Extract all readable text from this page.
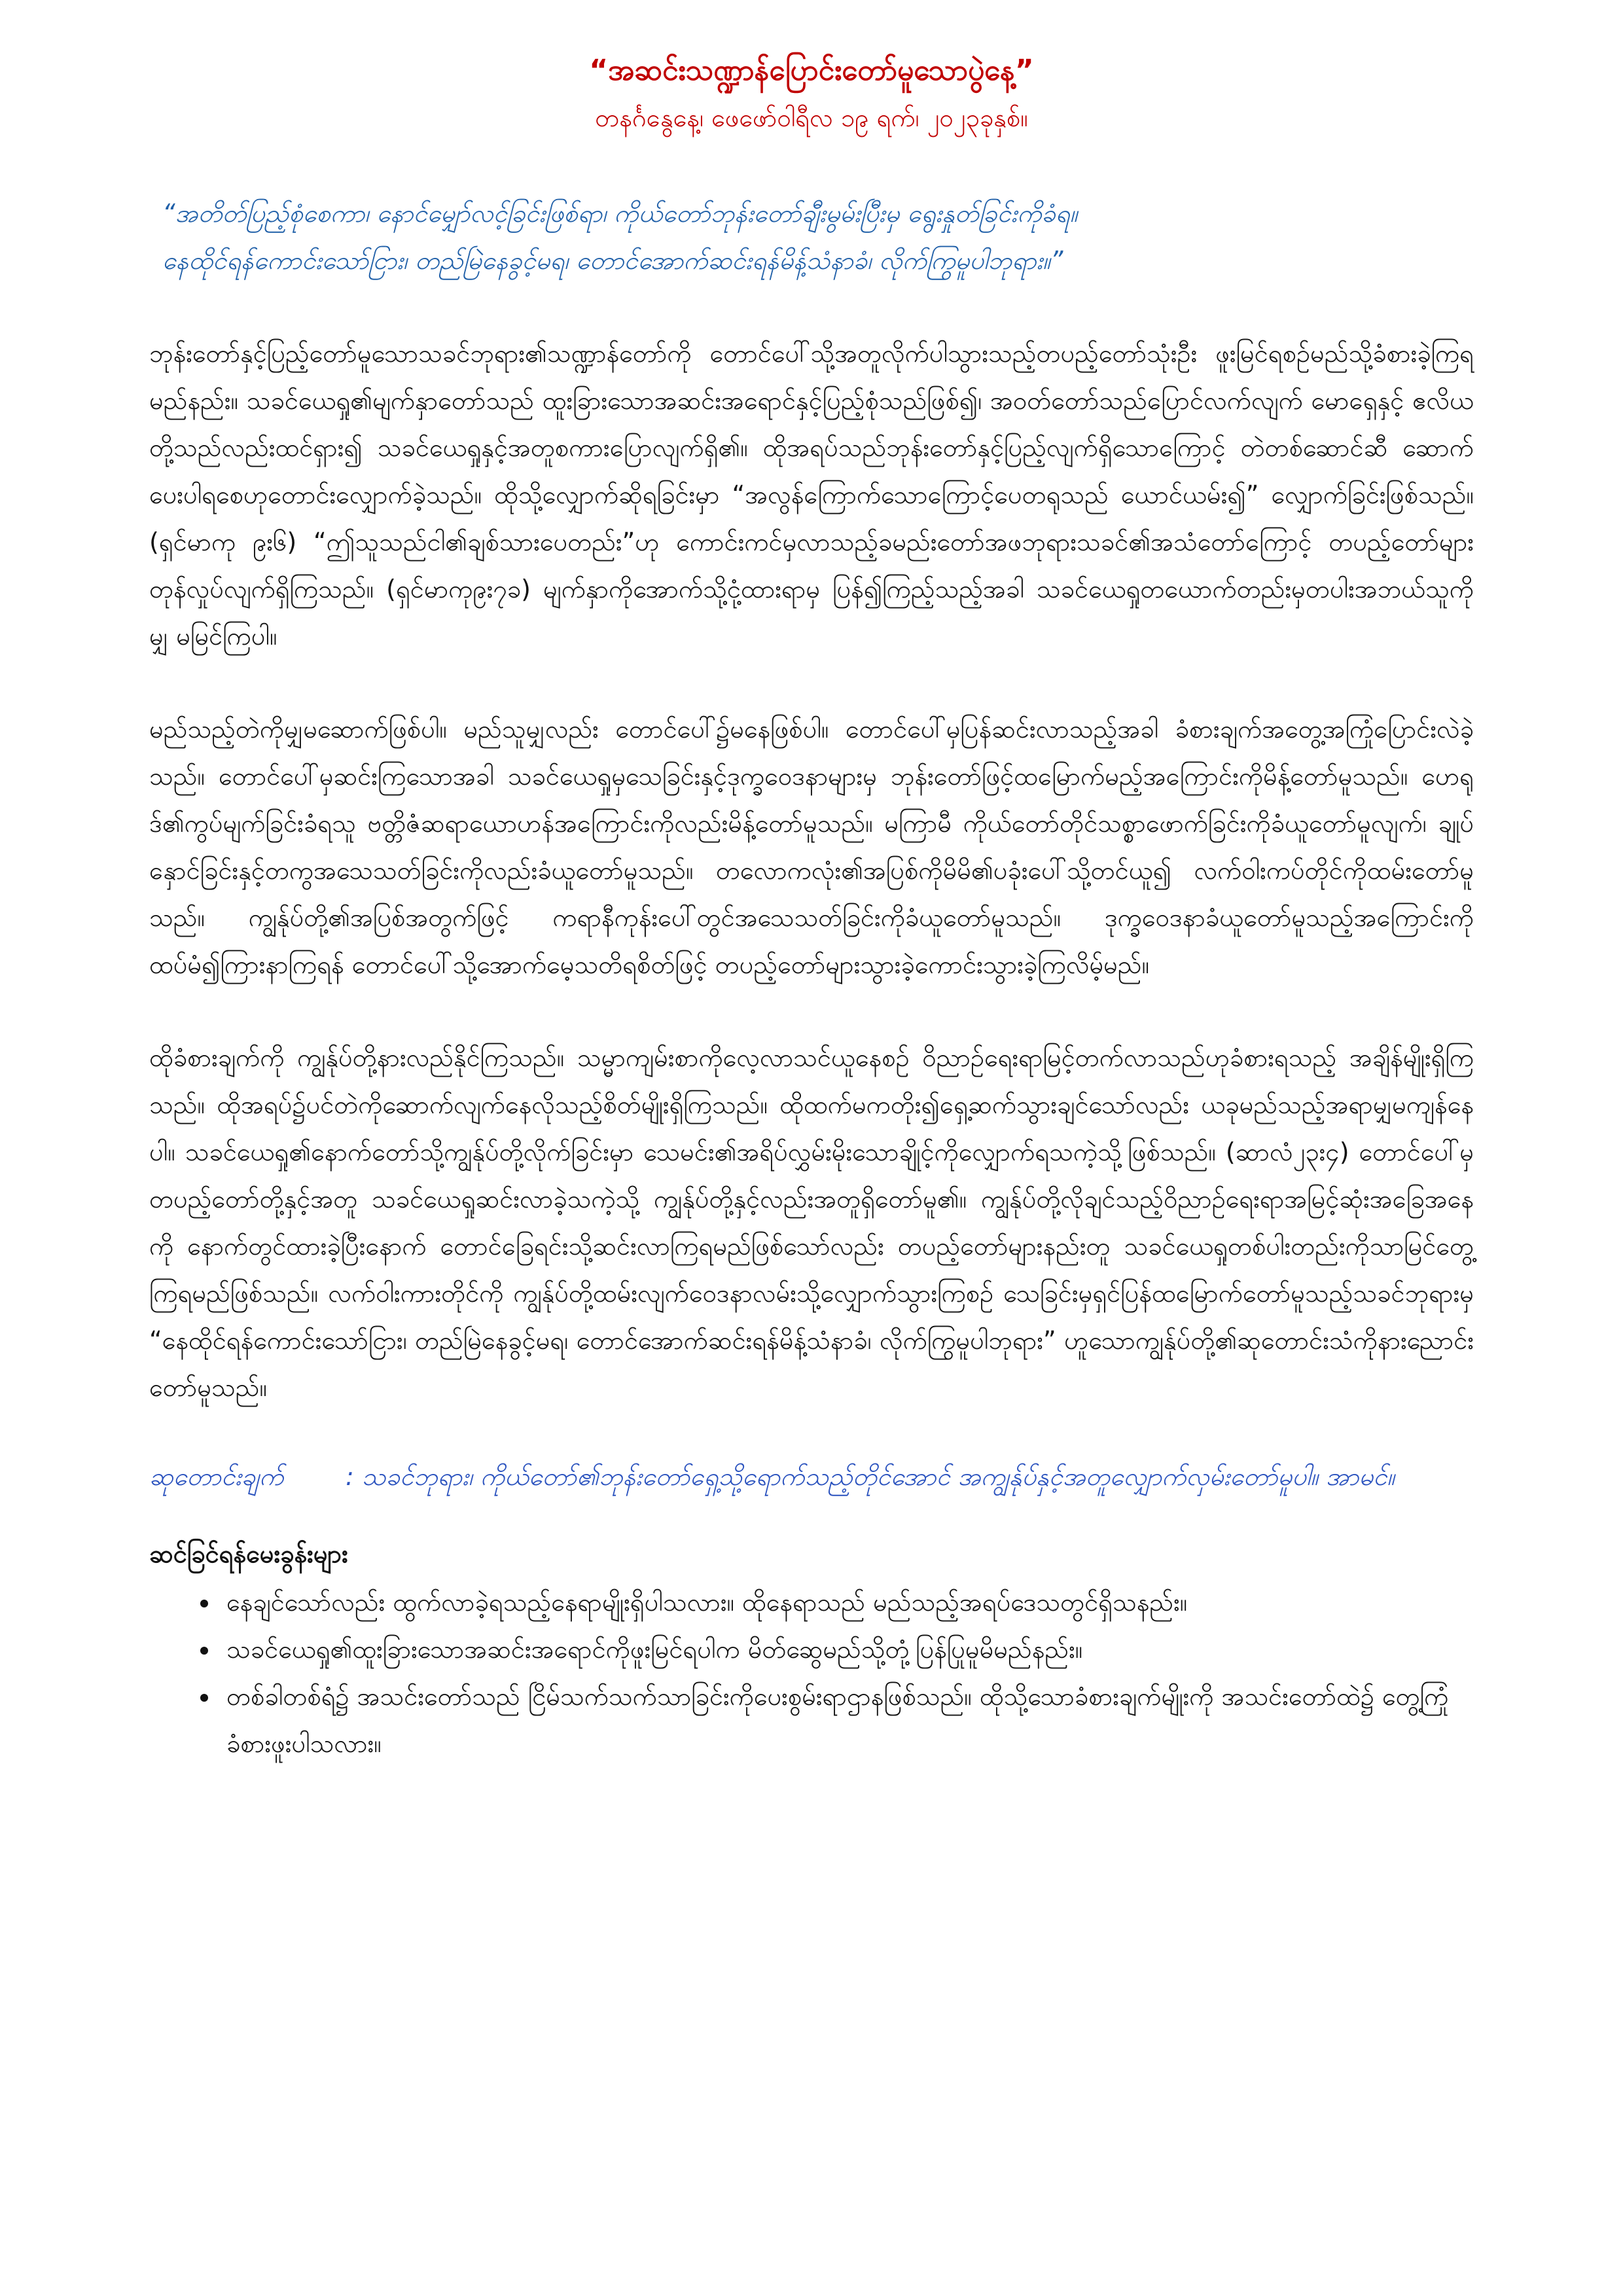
“အဆင်းသဏ္ဍာန်ပြောင်းတော်မူသောပွဲနေ့”

တနင်္ဂနွေနေ့၊ ဖေဖော်ဝါရီလ ၁၉ ရက်၊ ၂၀၂၃ခုနှစ်။

“အတိတ်ပြည့်စုံစေကာ၊ နောင်မျှော်လင့်ခြင်းဖြစ်ရာ၊ ကိုယ်တော်ဘုန်းတော်ချီးမွမ်းပြီးမှ ရွေးနှုတ်ခြင်းကိုခံရ။

နေထိုင်ရန်ကောင်းသော်ငြား၊ တည်မြဲနေခွင့်မရ၊ တောင်အောက်ဆင်းရန်မိန့်သံနာခံ၊ လိုက်ကြွမူပါဘုရား။”

ဘုန်းတော်နှင့်ပြည့်တော်မူသောသခင်ဘုရား၏သဏ္ဍာန်တော်ကို တောင်ပေါ်သို့အတူလိုက်ပါသွားသည့်တပည့်တော်သုံးဦး ဖူးမြင်ရစဉ်မည်သို့ခံစားခဲ့ကြရမည်နည်း။ သခင်ယေရှု၏မျက်နှာတော်သည် ထူးခြားသောအဆင်းအရောင်နှင့်ပြည့်စုံသည်ဖြစ်၍၊ အဝတ်တော်သည်ပြောင်လက်လျက် မောရှေနှင့် ဧလိယတို့သည်လည်းထင်ရှား၍ သခင်ယေရှုနှင့်အတူစကားပြောလျက်ရှိ၏။ ထိုအရပ်သည်ဘုန်းတော်နှင့်ပြည့်လျက်ရှိသောကြောင့် တဲတစ်ဆောင်ဆီ ဆောက်ပေးပါရစေဟုတောင်းလျှောက်ခဲ့သည်။ ထိုသို့လျှောက်ဆိုရခြင်းမှာ “အလွန်ကြောက်သောကြောင့်ပေတရုသည် ယောင်ယမ်း၍” လျှောက်ခြင်းဖြစ်သည်။ (ရှင်မာကု ၉း၆) “ဤသူသည်ငါ၏ချစ်သားပေတည်း”ဟု ကောင်းကင်မှလာသည့်ခမည်းတော်အဖဘုရားသခင်၏အသံတော်ကြောင့် တပည့်တော်များတုန်လှုပ်လျက်ရှိကြသည်။ (ရှင်မာကု၉း၇ခ) မျက်နှာကိုအောက်သို့ငုံ့ထားရာမှ ပြန်၍ကြည့်သည့်အခါ သခင်ယေရှုတယောက်တည်းမှတပါးအဘယ်သူကိုမျှ မမြင်ကြပါ။

မည်သည့်တဲကိုမျှမဆောက်ဖြစ်ပါ။ မည်သူမျှလည်း တောင်ပေါ်၌မနေဖြစ်ပါ။ တောင်ပေါ်မှပြန်ဆင်းလာသည့်အခါ ခံစားချက်အတွေ့အကြုံပြောင်းလဲခဲ့သည်။ တောင်ပေါ်မှဆင်းကြသောအခါ သခင်ယေရှုမှသေခြင်းနှင့်ဒုက္ခဝေဒနာများမှ ဘုန်းတော်ဖြင့်ထမြောက်မည့်အကြောင်းကိုမိန့်တော်မူသည်။ ဟေရုဒ်၏ကွပ်မျက်ခြင်းခံရသူ ဗတ္တိဇံဆရာယောဟန်အကြောင်းကိုလည်းမိန့်တော်မူသည်။ မကြာမီ ကိုယ်တော်တိုင်သစ္စာဖောက်ခြင်းကိုခံယူတော်မူလျက်၊ ချုပ်နှောင်ခြင်းနှင့်တကွအသေသတ်ခြင်းကိုလည်းခံယူတော်မူသည်။ တလောကလုံး၏အပြစ်ကိုမိမိ၏ပခုံးပေါ်သို့တင်ယူ၍ လက်ဝါးကပ်တိုင်ကိုထမ်းတော်မူသည်။ ကျွန်ုပ်တို့၏အပြစ်အတွက်ဖြင့် ကရာနီကုန်းပေါ်တွင်အသေသတ်ခြင်းကိုခံယူတော်မူသည်။ ဒုက္ခဝေဒနာခံယူတော်မူသည့်အကြောင်းကို ထပ်မံ၍ကြားနာကြရန် တောင်ပေါ်သို့အောက်မေ့သတိရစိတ်ဖြင့် တပည့်တော်များသွားခဲ့ကောင်းသွားခဲ့ကြလိမ့်မည်။

ထိုခံစားချက်ကို ကျွန်ုပ်တို့နားလည်နိုင်ကြသည်။ သမ္မာကျမ်းစာကိုလေ့လာသင်ယူနေစဉ် ဝိညာဉ်ရေးရာမြင့်တက်လာသည်ဟုခံစားရသည့် အချိန်မျိုးရှိကြသည်။ ထိုအရပ်၌ပင်တဲကိုဆောက်လျက်နေလိုသည့်စိတ်မျိုးရှိကြသည်။ ထိုထက်မကတိုး၍ရှေ့ဆက်သွားချင်သော်လည်း ယခုမည်သည့်အရာမျှမကျန်နေပါ။ သခင်ယေရှု၏နောက်တော်သို့ကျွန်ုပ်တို့လိုက်ခြင်းမှာ သေမင်း၏အရိပ်လွှမ်းမိုးသောချိုင့်ကိုလျှောက်ရသကဲ့သို့ဖြစ်သည်။ (ဆာလံ၂၃း၄) တောင်ပေါ်မှတပည့်တော်တို့နှင့်အတူ သခင်ယေရှုဆင်းလာခဲ့သကဲ့သို့ ကျွန်ုပ်တို့နှင့်လည်းအတူရှိတော်မူ၏။ ကျွန်ုပ်တို့လိုချင်သည့်ဝိညာဉ်ရေးရာအမြင့်ဆုံးအခြေအနေကို နောက်တွင်ထားခဲ့ပြီးနောက် တောင်ခြေရင်းသို့ဆင်းလာကြရမည်ဖြစ်သော်လည်း တပည့်တော်များနည်းတူ သခင်ယေရှုတစ်ပါးတည်းကိုသာမြင်တွေ့ကြရမည်ဖြစ်သည်။ လက်ဝါးကားတိုင်ကို ကျွန်ုပ်တို့ထမ်းလျက်ဝေဒနာလမ်းသို့လျှောက်သွားကြစဉ် သေခြင်းမှရှင်ပြန်ထမြောက်တော်မူသည့်သခင်ဘုရားမှ “နေထိုင်ရန်ကောင်းသော်ငြား၊ တည်မြဲနေခွင့်မရ၊ တောင်အောက်ဆင်းရန်မိန့်သံနာခံ၊ လိုက်ကြွမူပါဘုရား” ဟူသောကျွန်ုပ်တို့၏ဆုတောင်းသံကိုနားညောင်းတော်မူသည်။

ဆုတောင်းချက်	: သခင်ဘုရား၊ ကိုယ်တော်၏ဘုန်းတော်ရှေ့သို့ရောက်သည့်တိုင်အောင် အကျွန်ုပ်နှင့်အတူလျှောက်လှမ်းတော်မူပါ။ အာမင်။
ဆင်ခြင်ရန်မေးခွန်းများ
• နေချင်သော်လည်း ထွက်လာခဲ့ရသည့်နေရာမျိုးရှိပါသလား။ ထိုနေရာသည် မည်သည့်အရပ်ဒေသတွင်ရှိသနည်း။
• သခင်ယေရှု၏ထူးခြားသောအဆင်းအရောင်ကိုဖူးမြင်ရပါက မိတ်ဆွေမည်သို့တုံ့ပြန်ပြုမူမိမည်နည်း။
• တစ်ခါတစ်ရံ၌ အသင်းတော်သည် ငြိမ်သက်သက်သာခြင်းကိုပေးစွမ်းရာဌာနဖြစ်သည်။ ထိုသို့သောခံစားချက်မျိုးကို အသင်းတော်ထဲ၌ တွေ့ကြုံခံစားဖူးပါသလား။
